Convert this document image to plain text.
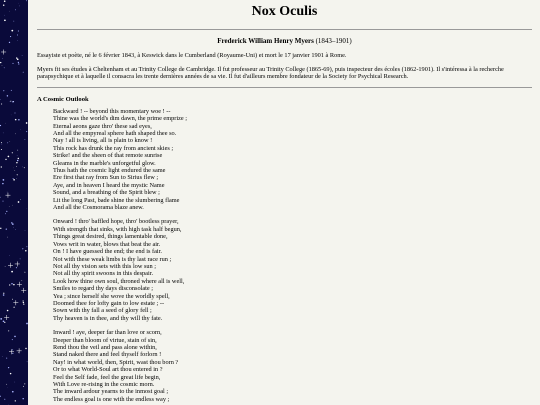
Nox Oculis
Frederick William Henry Myers (1843–1901)

Essayiste et poète, né le 6 février 1843, à Keswick dans le Cumberland (Royaume-Uni) et mort le 17 janvier 1901 à Rome.

Myers fit ses études à Cheltenham et au Trinity College de Cambridge. Il fut professeur au Trinity College (1865-69), puis inspecteur des écoles (1862-1901). Il s'intéressa à la recherche parapsychique et à laquelle il consacra les trente dernières années de sa vie. Il fut d'ailleurs membre fondateur de la Society for Psychical Research.

A Cosmic Outlook
Backward ! -- beyond this momentary woe ! --
Thine was the world's dim dawn, the prime emprize ;
Eternal aeons gaze thro' these sad eyes,
And all the empyreal sphere hath shaped thee so.
Nay ! all is living, all is plain to know !
This rock has drunk the ray from ancient skies ;
Strike! and the sheen of that remote sunrise
Gleams in the marble's unforgetful glow.
Thus hath the cosmic light endured the same
Ere first that ray from Sun to Sirius flew ;
Aye, and in heaven I heard the mystic Name
Sound, and a breathing of the Spirit blew ;
Lit the long Past, bade shine the slumbering flame
And all the Cosmorama blaze anew.
Onward ! thro' baffled hope, thro' bootless prayer,
With strength that sinks, with high task half begun,
Things great desired, things lamentable done,
Vows writ in water, blows that beat the air.
On ! I have guessed the end; the end is fair.
Not with these weak limbs is thy last race run ;
Not all thy vision sets with this low sun ;
Not all thy spirit swoons in this despair.
Look how thine own soul, throned where all is well,
Smiles to regard thy days disconsolate ;
Yea ; since herself she wove the worldly spell,
Doomed thee for lofty gain to low estate ; --
Sown with thy fall a seed of glory fell ;
Thy heaven is in thee, and thy will thy fate.
Inward ! aye, deeper far than love or scorn,
Deeper than bloom of virtue, stain of sin,
Rend thou the veil and pass alone within,
Stand naked there and feel thyself forlorn !
Nay! in what world, then, Spirit, wast thou born ?
Or to what World-Soul art thou entered in ?
Feel the Self fade, feel the great life begin,
With Love re-rising in the cosmic morn.
The inward ardour yearns to the inmost goal ;
The endless goal is one with the endless way ;
